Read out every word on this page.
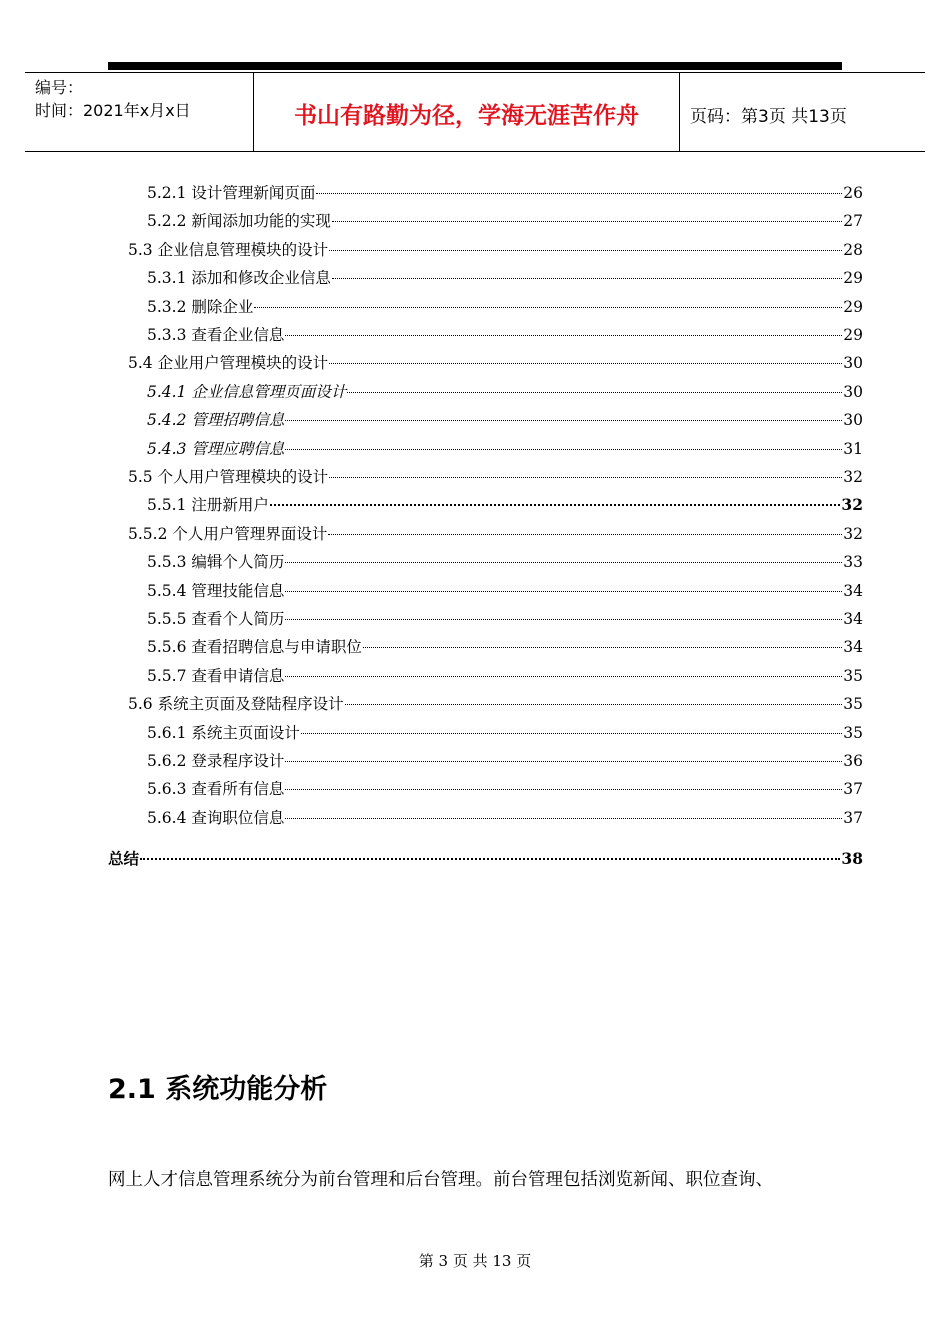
编号：
时间：2021年x月x日	书山有路勤为径，学海无涯苦作舟	页码：第3页 共13页
5.2.1 设计管理新闻页面	26
5.2.2 新闻添加功能的实现	27
5.3 企业信息管理模块的设计	28
5.3.1 添加和修改企业信息	29
5.3.2 删除企业	29
5.3.3 查看企业信息	29
5.4 企业用户管理模块的设计	30
5.4.1 企业信息管理页面设计	30
5.4.2 管理招聘信息	30
5.4.3 管理应聘信息	31
5.5 个人用户管理模块的设计	32
5.5.1 注册新用户	32
5.5.2 个人用户管理界面设计	32
5.5.3 编辑个人简历	33
5.5.4 管理技能信息	34
5.5.5 查看个人简历	34
5.5.6 查看招聘信息与申请职位	34
5.5.7 查看申请信息	35
5.6 系统主页面及登陆程序设计	35
5.6.1 系统主页面设计	35
5.6.2 登录程序设计	36
5.6.3 查看所有信息	37
5.6.4 查询职位信息	37
总结	38
2.1 系统功能分析
网上人才信息管理系统分为前台管理和后台管理。前台管理包括浏览新闻、职位查询、
第 3 页 共 13 页
